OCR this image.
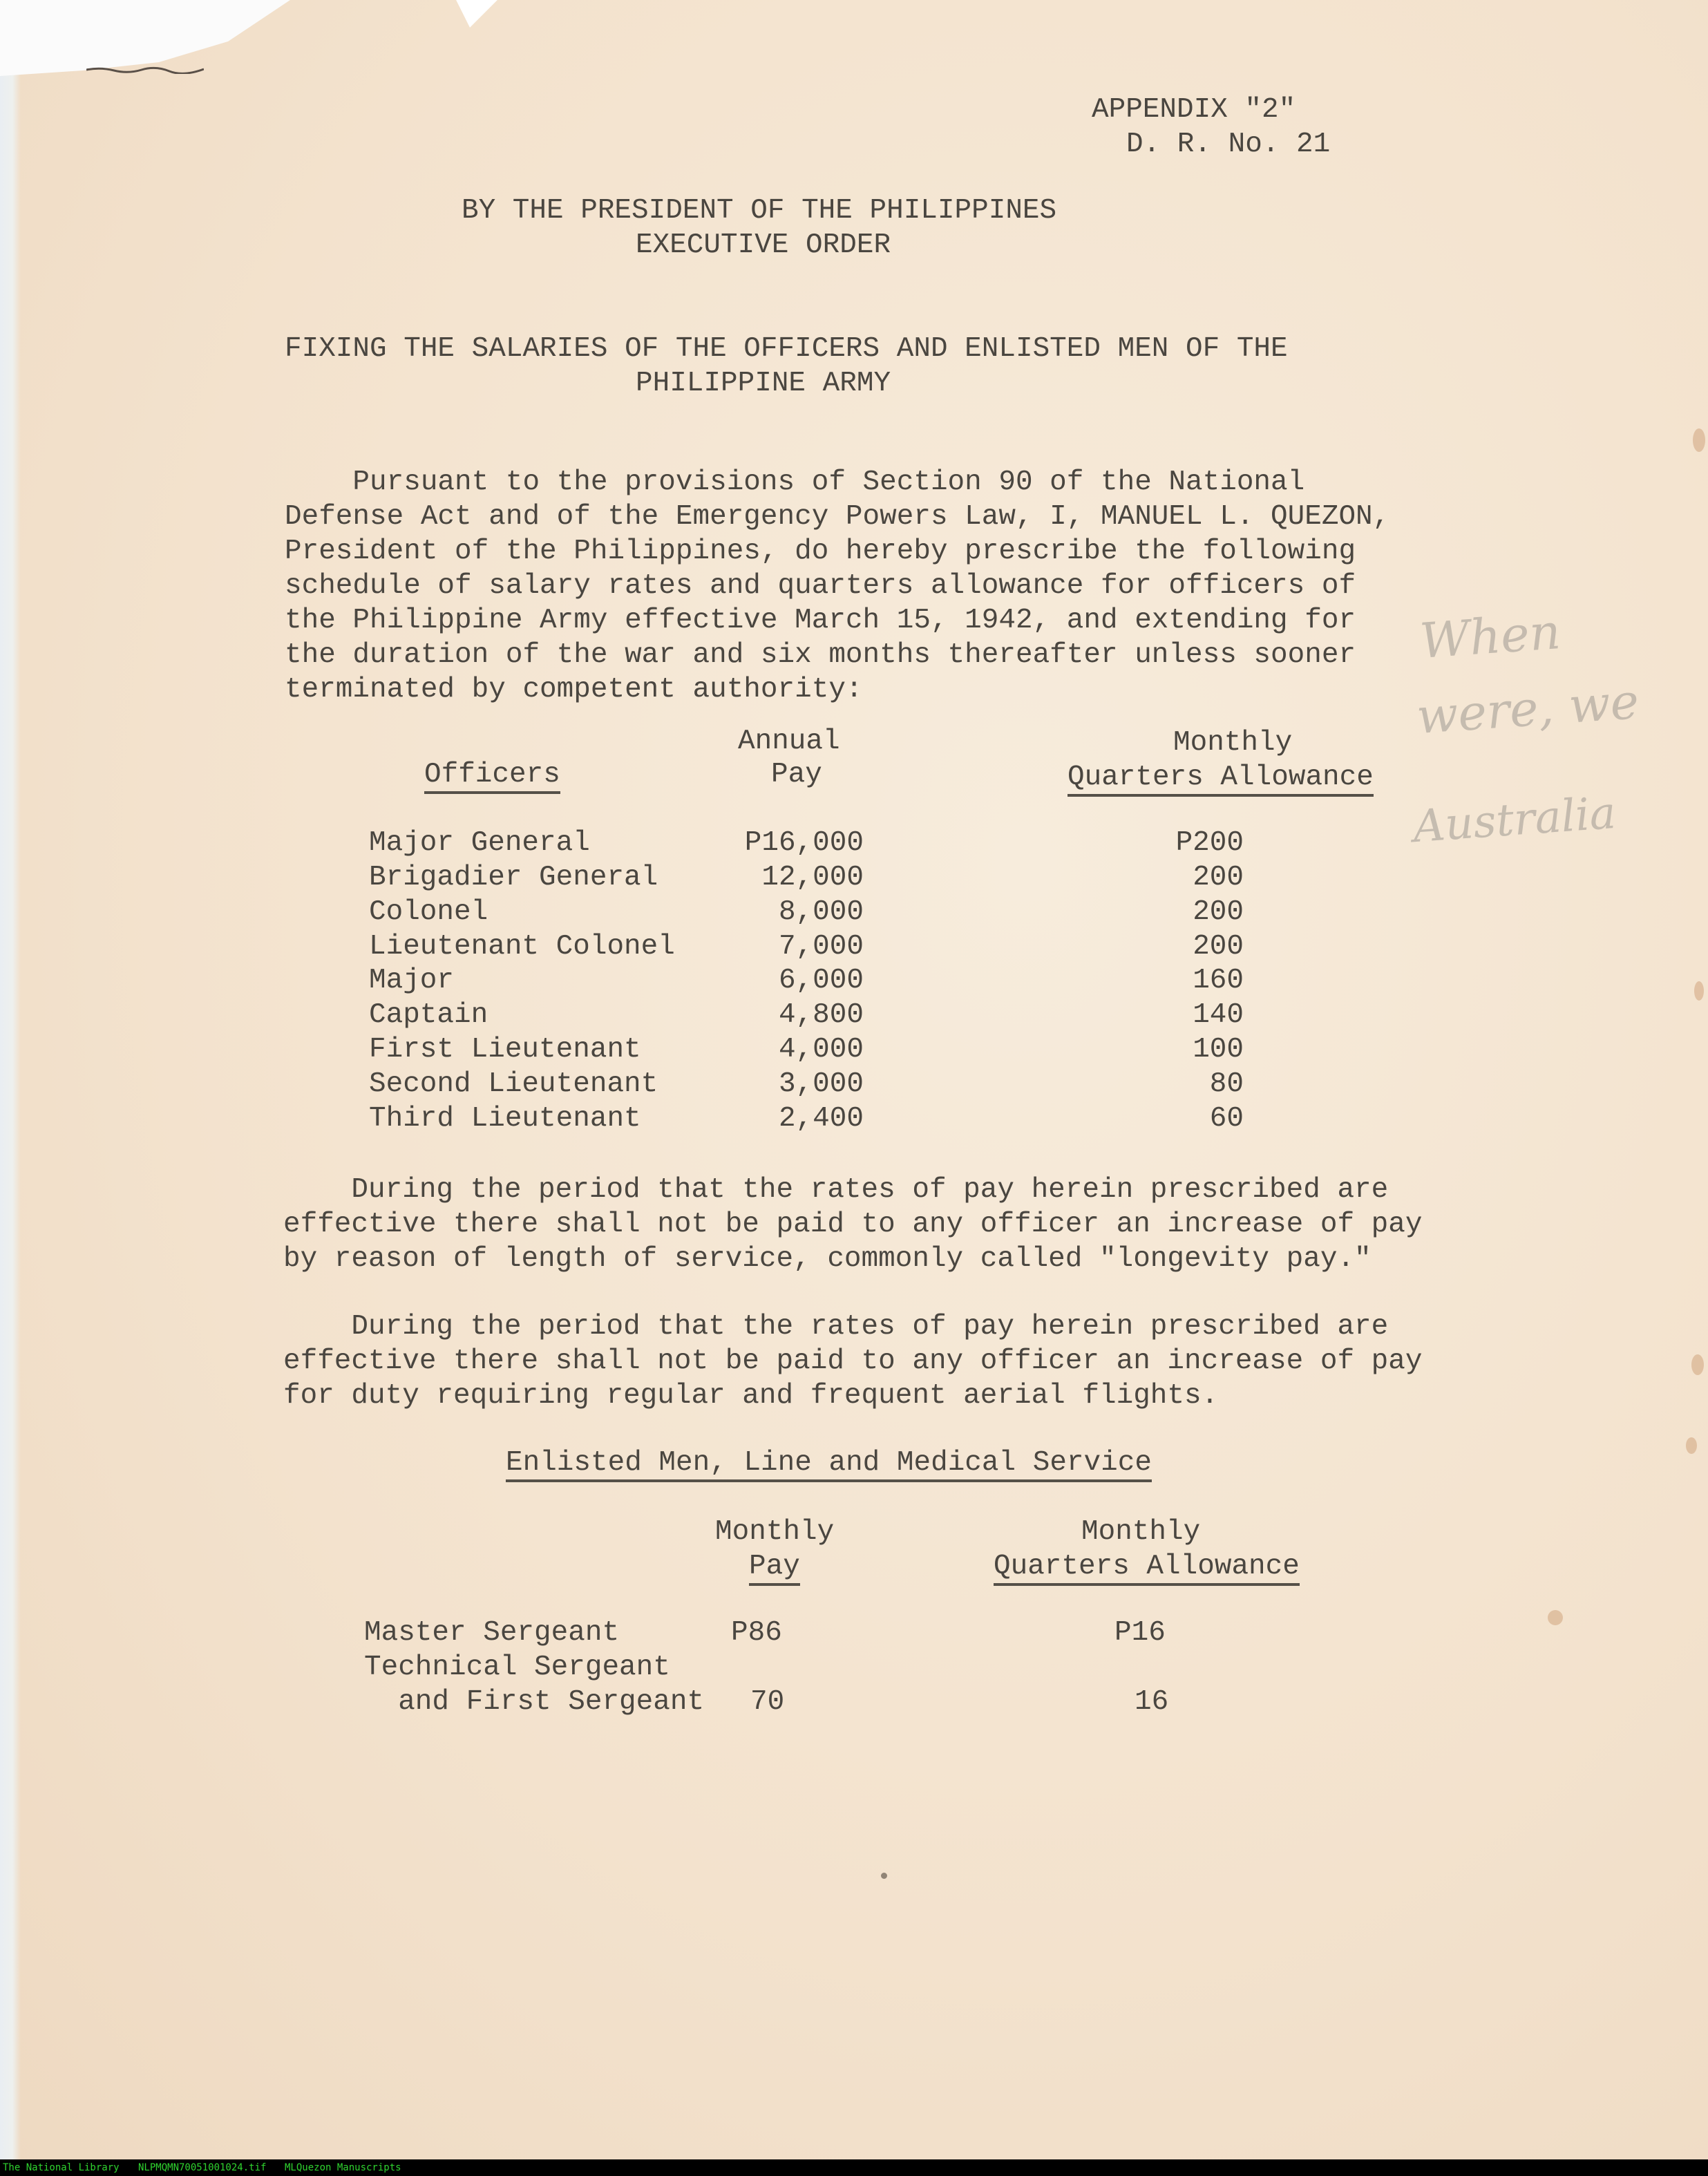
APPENDIX "2"
D. R. No. 21
BY THE PRESIDENT OF THE PHILIPPINES
EXECUTIVE ORDER
FIXING THE SALARIES OF THE OFFICERS AND ENLISTED MEN OF THE
PHILIPPINE ARMY
Pursuant to the provisions of Section 90 of the National
Defense Act and of the Emergency Powers Law, I, MANUEL L. QUEZON,
President of the Philippines, do hereby prescribe the following
schedule of salary rates and quarters allowance for officers of
the Philippine Army effective March 15, 1942, and extending for
the duration of the war and six months thereafter unless sooner
terminated by competent authority:
Annual	Monthly
Officers	Pay	Quarters Allowance
Major General	P16,000	P200
Brigadier General	12,000	200
Colonel	8,000	200
Lieutenant Colonel	7,000	200
Major	6,000	160
Captain	4,800	140
First Lieutenant	4,000	100
Second Lieutenant	3,000	80
Third Lieutenant	2,400	60
During the period that the rates of pay herein prescribed are
effective there shall not be paid to any officer an increase of pay
by reason of length of service, commonly called "longevity pay."
During the period that the rates of pay herein prescribed are
effective there shall not be paid to any officer an increase of pay
for duty requiring regular and frequent aerial flights.
Enlisted Men, Line and Medical Service
Monthly	Monthly
Pay	Quarters Allowance
Master Sergeant	P86	P16
Technical Sergeant
and First Sergeant 70	16
When
were, we
Australia
The National Library NLPMQMN70051001024.tif MLQuezon Manuscripts
